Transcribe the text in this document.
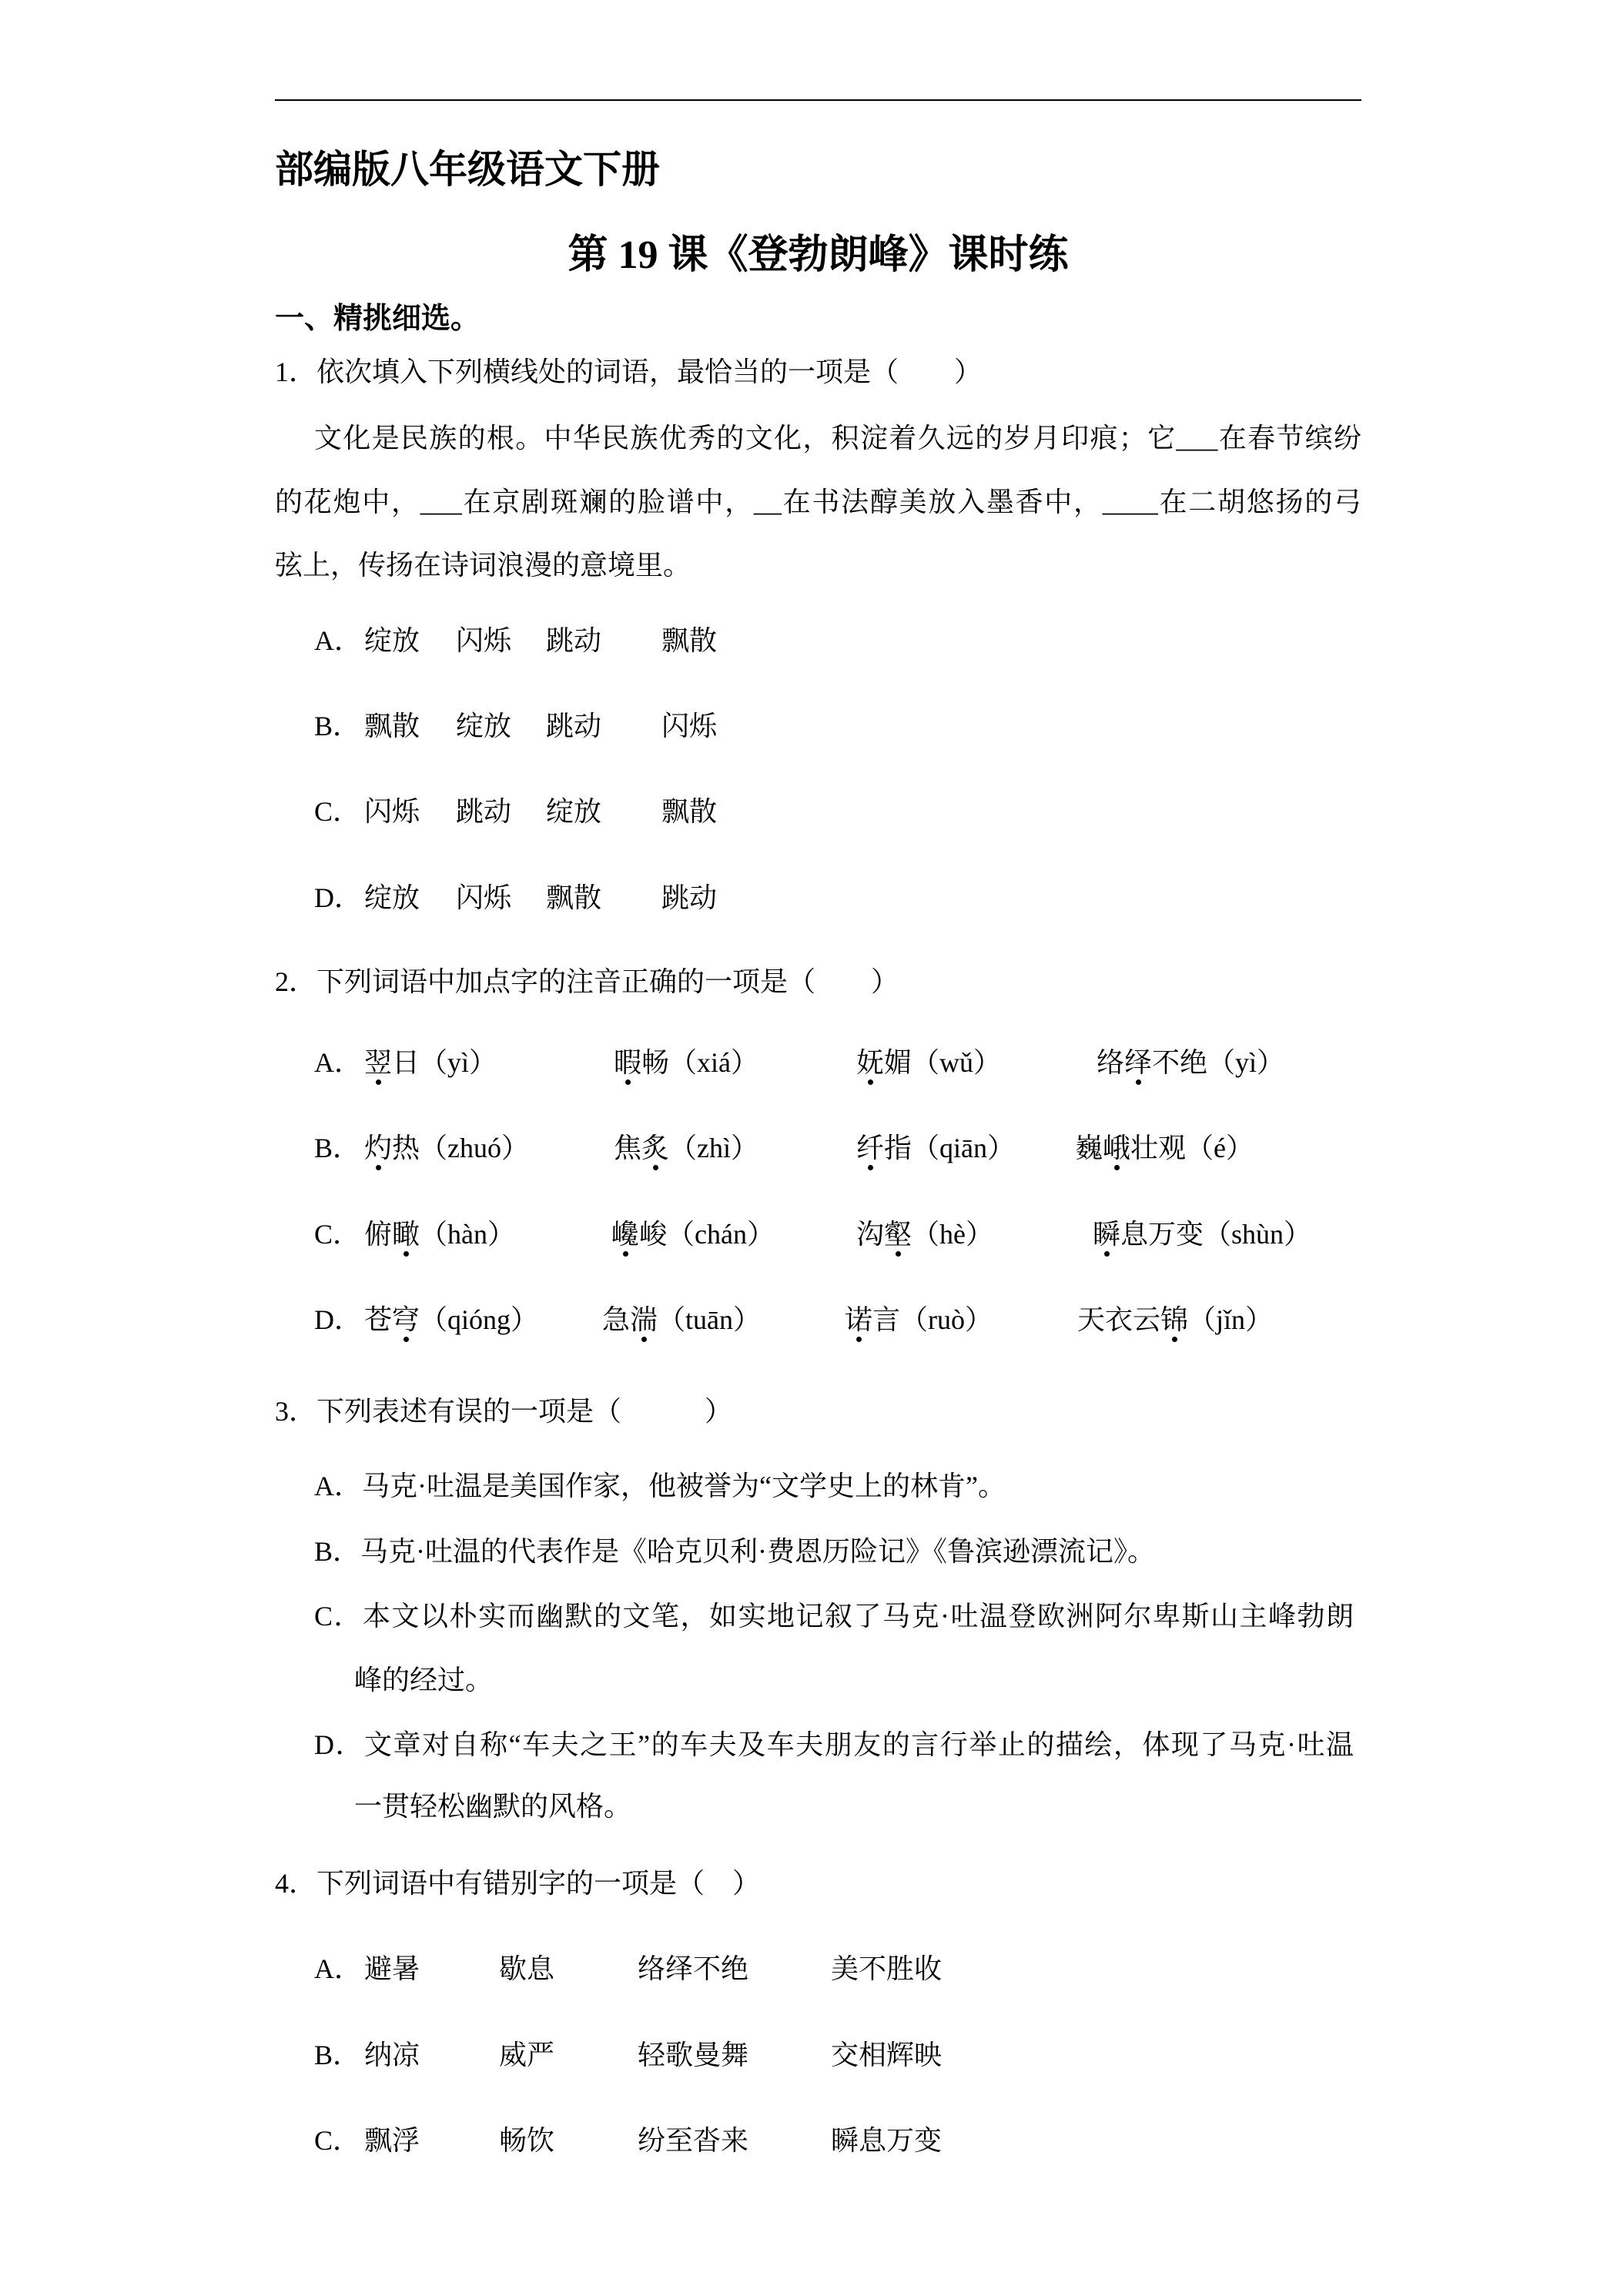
部编版八年级语文下册
第 19 课《登勃朗峰》课时练
一、精挑细选。
1．依次填入下列横线处的词语，最恰当的一项是（　　）
文化是民族的根。中华民族优秀的文化，积淀着久远的岁月印痕；它___在春节缤纷
的花炮中，___在京剧斑斓的脸谱中，__在书法醇美放入墨香中，____在二胡悠扬的弓
弦上，传扬在诗词浪漫的意境里。
A． 绽放 闪烁 跳动 飘散
B． 飘散 绽放 跳动 闪烁
C． 闪烁 跳动 绽放 飘散
D． 绽放 闪烁 飘散 跳动
2．下列词语中加点字的注音正确的一项是（　　）
A． 翌日（yì）	暇畅（xiá）	妩媚（wǔ）	络绎不绝（yì）
B． 灼热（zhuó）	焦炙（zhì）	纤指（qiān） 巍峨壮观（é）
C． 俯瞰（hàn）	巉峻（chán）	沟壑（hè）	瞬息万变（shùn）
D． 苍穹（qióng） 急湍（tuān）	诺言（ruò）	天衣云锦（jǐn）
3．下列表述有误的一项是（　　　）
A．马克·吐温是美国作家，他被誉为“文学史上的林肯”。
B．马克·吐温的代表作是《哈克贝利·费恩历险记》《鲁滨逊漂流记》。
C．本文以朴实而幽默的文笔，如实地记叙了马克·吐温登欧洲阿尔卑斯山主峰勃朗
峰的经过。
D．文章对自称“车夫之王”的车夫及车夫朋友的言行举止的描绘，体现了马克·吐温
一贯轻松幽默的风格。
4．下列词语中有错别字的一项是（　）
A． 避暑	歇息	络绎不绝	美不胜收
B． 纳凉	威严	轻歌曼舞	交相辉映
C． 飘浮	畅饮	纷至沓来	瞬息万变
